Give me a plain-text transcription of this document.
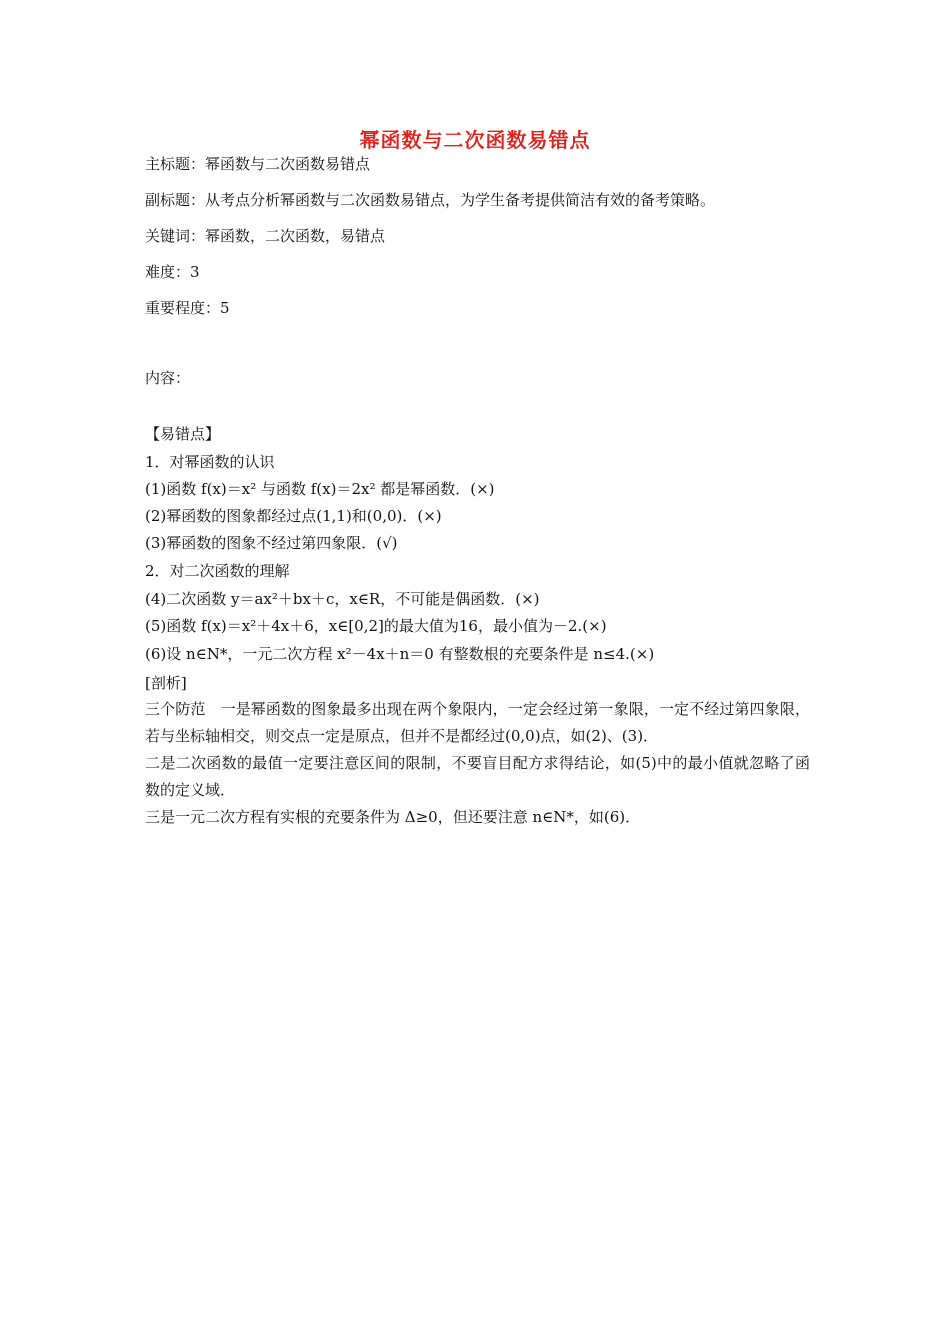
幂函数与二次函数易错点
主标题：幂函数与二次函数易错点
副标题：从考点分析幂函数与二次函数易错点，为学生备考提供简洁有效的备考策略。
关键词：幂函数，二次函数，易错点
难度：3
重要程度：5
内容：
【易错点】
1．对幂函数的认识
(1)函数 f(x)＝x² 与函数 f(x)＝2x² 都是幂函数．(×)
(2)幂函数的图象都经过点(1,1)和(0,0)．(×)
(3)幂函数的图象不经过第四象限．(√)
2．对二次函数的理解
(4)二次函数 y＝ax²＋bx＋c，x∈R，不可能是偶函数．(×)
(5)函数 f(x)＝x²＋4x＋6，x∈[0,2]的最大值为16，最小值为－2.(×)
(6)设 n∈N*，一元二次方程 x²－4x＋n＝0 有整数根的充要条件是 n≤4.(×)
[剖析]
三个防范　一是幂函数的图象最多出现在两个象限内，一定会经过第一象限，一定不经过第四象限，若与坐标轴相交，则交点一定是原点，但并不是都经过(0,0)点，如(2)、(3)．
二是二次函数的最值一定要注意区间的限制，不要盲目配方求得结论，如(5)中的最小值就忽略了函数的定义域．
三是一元二次方程有实根的充要条件为 Δ≥0，但还要注意 n∈N*，如(6)．
